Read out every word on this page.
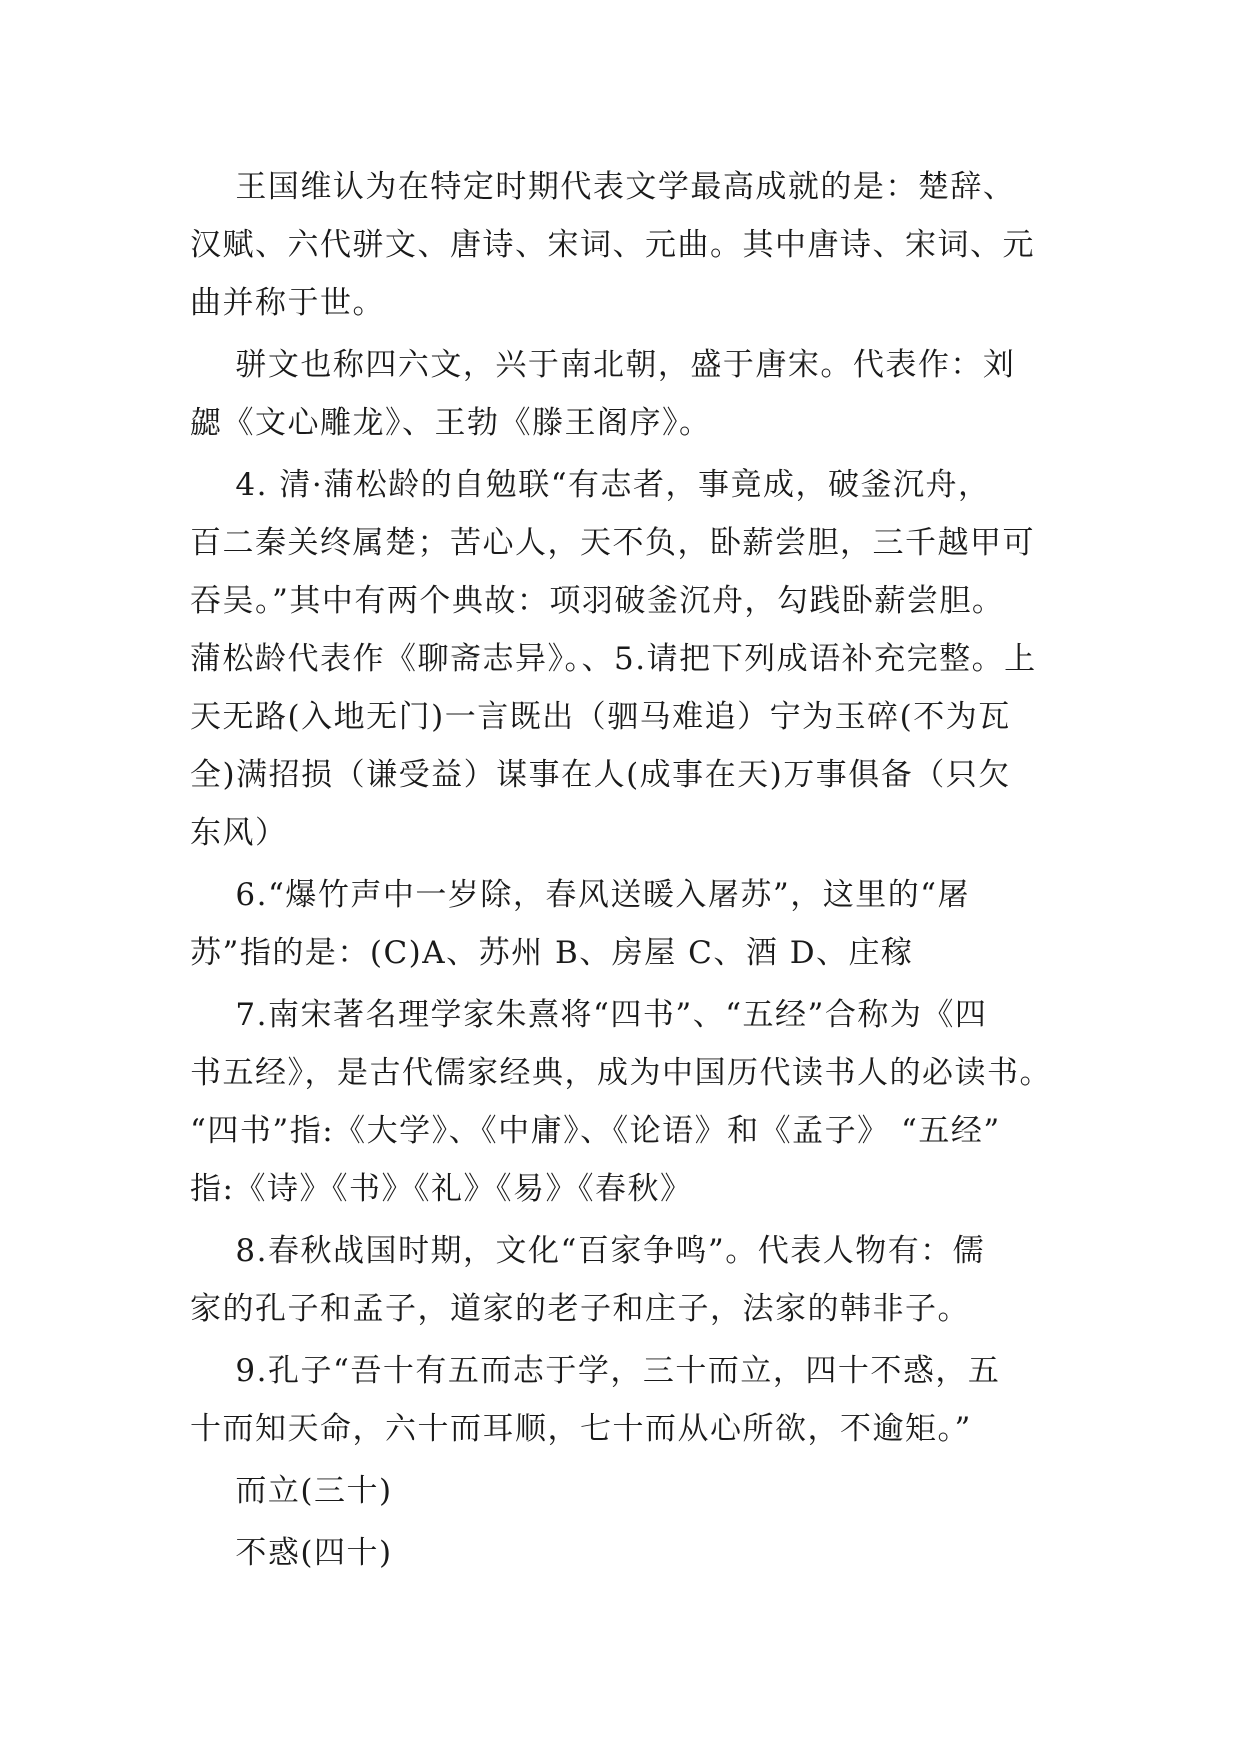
王国维认为在特定时期代表文学最高成就的是：楚辞、
汉赋、六代骈文、唐诗、宋词、元曲。其中唐诗、宋词、元
曲并称于世。
骈文也称四六文，兴于南北朝，盛于唐宋。代表作：刘
勰《文心雕龙》、王勃《滕王阁序》。
4. 清·蒲松龄的自勉联“有志者，事竟成，破釜沉舟，
百二秦关终属楚；苦心人，天不负，卧薪尝胆，三千越甲可
吞吴。”其中有两个典故：项羽破釜沉舟，勾践卧薪尝胆。
蒲松龄代表作《聊斋志异》。、5.请把下列成语补充完整。上
天无路(入地无门)一言既出（驷马难追）宁为玉碎(不为瓦
全)满招损（谦受益）谋事在人(成事在天)万事俱备（只欠
东风）
6.“爆竹声中一岁除，春风送暖入屠苏”，这里的“屠
苏”指的是：(C)A、苏州 B、房屋 C、酒 D、庄稼
7.南宋著名理学家朱熹将“四书”、“五经”合称为《四
书五经》，是古代儒家经典，成为中国历代读书人的必读书。
“四书”指:《大学》、《中庸》、《论语》和《孟子》 “五经”
指:《诗》《书》《礼》《易》《春秋》
8.春秋战国时期，文化“百家争鸣”。代表人物有：儒
家的孔子和孟子，道家的老子和庄子，法家的韩非子。
9.孔子“吾十有五而志于学，三十而立，四十不惑，五
十而知天命，六十而耳顺，七十而从心所欲，不逾矩。”
而立(三十)
不惑(四十)
